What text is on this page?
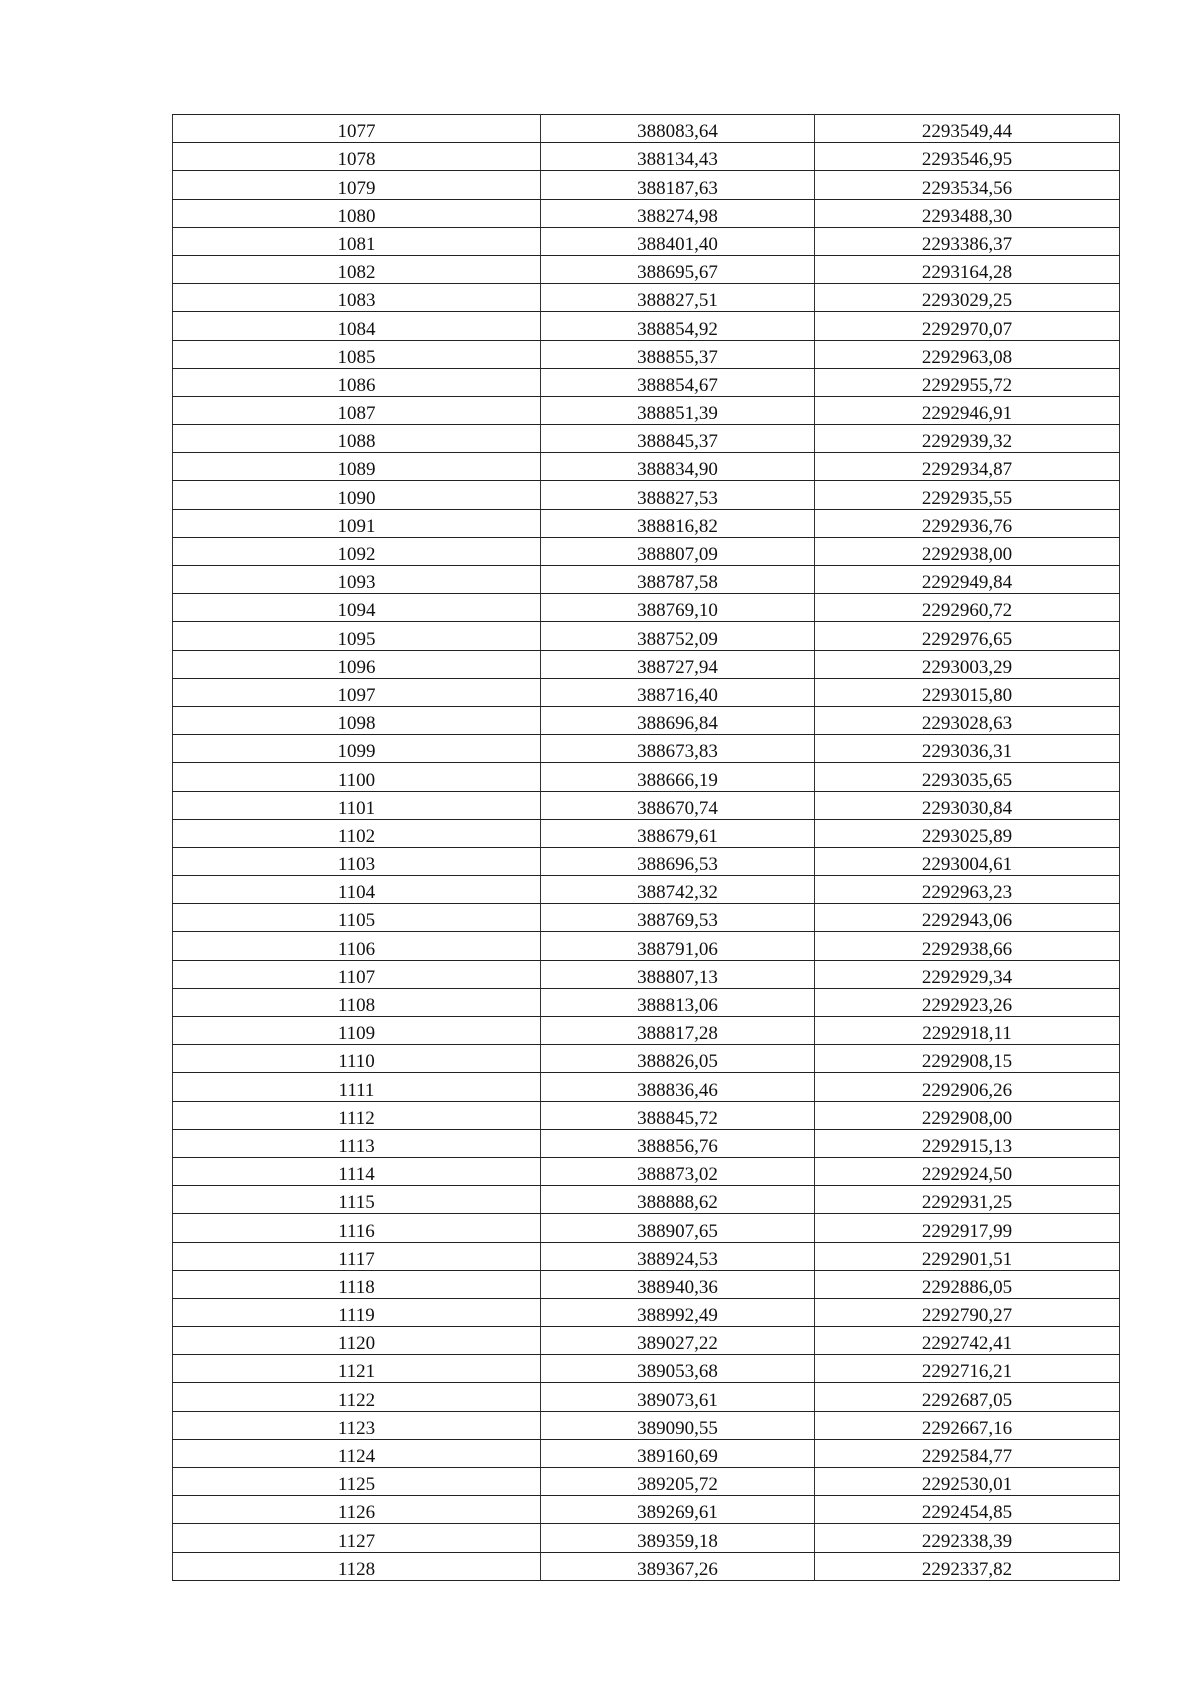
1077	388083,64	2293549,44
1078	388134,43	2293546,95
1079	388187,63	2293534,56
1080	388274,98	2293488,30
1081	388401,40	2293386,37
1082	388695,67	2293164,28
1083	388827,51	2293029,25
1084	388854,92	2292970,07
1085	388855,37	2292963,08
1086	388854,67	2292955,72
1087	388851,39	2292946,91
1088	388845,37	2292939,32
1089	388834,90	2292934,87
1090	388827,53	2292935,55
1091	388816,82	2292936,76
1092	388807,09	2292938,00
1093	388787,58	2292949,84
1094	388769,10	2292960,72
1095	388752,09	2292976,65
1096	388727,94	2293003,29
1097	388716,40	2293015,80
1098	388696,84	2293028,63
1099	388673,83	2293036,31
1100	388666,19	2293035,65
1101	388670,74	2293030,84
1102	388679,61	2293025,89
1103	388696,53	2293004,61
1104	388742,32	2292963,23
1105	388769,53	2292943,06
1106	388791,06	2292938,66
1107	388807,13	2292929,34
1108	388813,06	2292923,26
1109	388817,28	2292918,11
1110	388826,05	2292908,15
1111	388836,46	2292906,26
1112	388845,72	2292908,00
1113	388856,76	2292915,13
1114	388873,02	2292924,50
1115	388888,62	2292931,25
1116	388907,65	2292917,99
1117	388924,53	2292901,51
1118	388940,36	2292886,05
1119	388992,49	2292790,27
1120	389027,22	2292742,41
1121	389053,68	2292716,21
1122	389073,61	2292687,05
1123	389090,55	2292667,16
1124	389160,69	2292584,77
1125	389205,72	2292530,01
1126	389269,61	2292454,85
1127	389359,18	2292338,39
1128	389367,26	2292337,82
